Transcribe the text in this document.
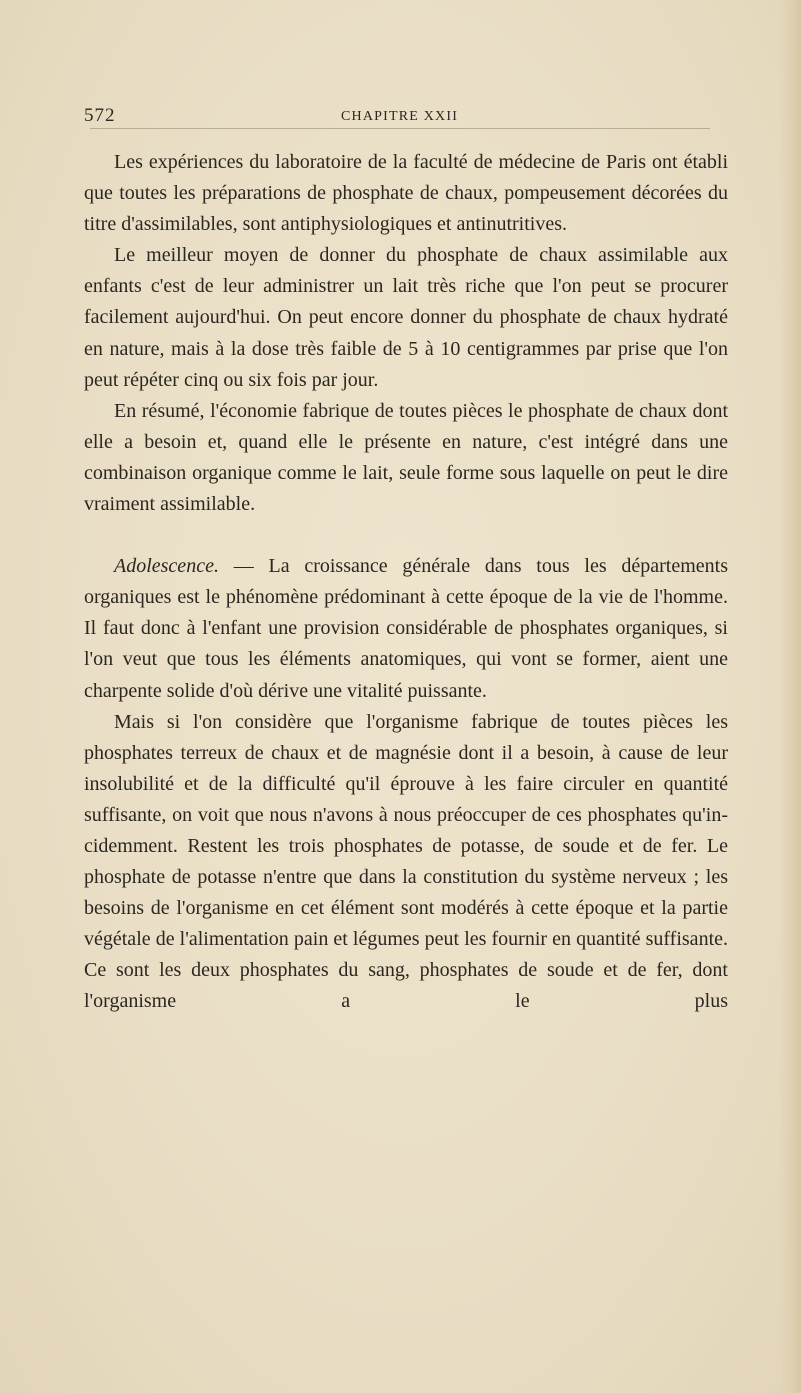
572	CHAPITRE XXII

Les expériences du laboratoire de la faculté de médecine de Paris ont établi que toutes les préparations de phosphate de chaux, pompeusement décorées du titre d'assimilables, sont antiphysiologiques et antinutritives.

Le meilleur moyen de donner du phosphate de chaux assimilable aux enfants c'est de leur administrer un lait très riche que l'on peut se procurer facilement aujourd'hui. On peut encore donner du phosphate de chaux hydraté en nature, mais à la dose très faible de 5 à 10 centigrammes par prise que l'on peut répéter cinq ou six fois par jour.

En résumé, l'économie fabrique de toutes pièces le phosphate de chaux dont elle a besoin et, quand elle le présente en nature, c'est intégré dans une combinaison organique comme le lait, seule forme sous laquelle on peut le dire vraiment assimilable.

Adolescence. — La croissance générale dans tous les départements organiques est le phénomène prédominant à cette époque de la vie de l'homme. Il faut donc à l'enfant une provision considérable de phosphates organiques, si l'on veut que tous les éléments anatomiques, qui vont se former, aient une charpente solide d'où dérive une vitalité puissante.

Mais si l'on considère que l'organisme fabrique de toutes pièces les phosphates terreux de chaux et de magnésie dont il a besoin, à cause de leur insolubilité et de la difficulté qu'il éprouve à les faire circuler en quantité suffisante, on voit que nous n'avons à nous préoccuper de ces phosphates qu'incidemment. Restent les trois phosphates de potasse, de soude et de fer. Le phosphate de potasse n'entre que dans la constitution du système nerveux ; les besoins de l'organisme en cet élément sont modérés à cette époque et la partie végétale de l'alimentation pain et légumes peut les fournir en quantité suffisante. Ce sont les deux phosphates du sang, phosphates de soude et de fer, dont l'organisme a le plus
